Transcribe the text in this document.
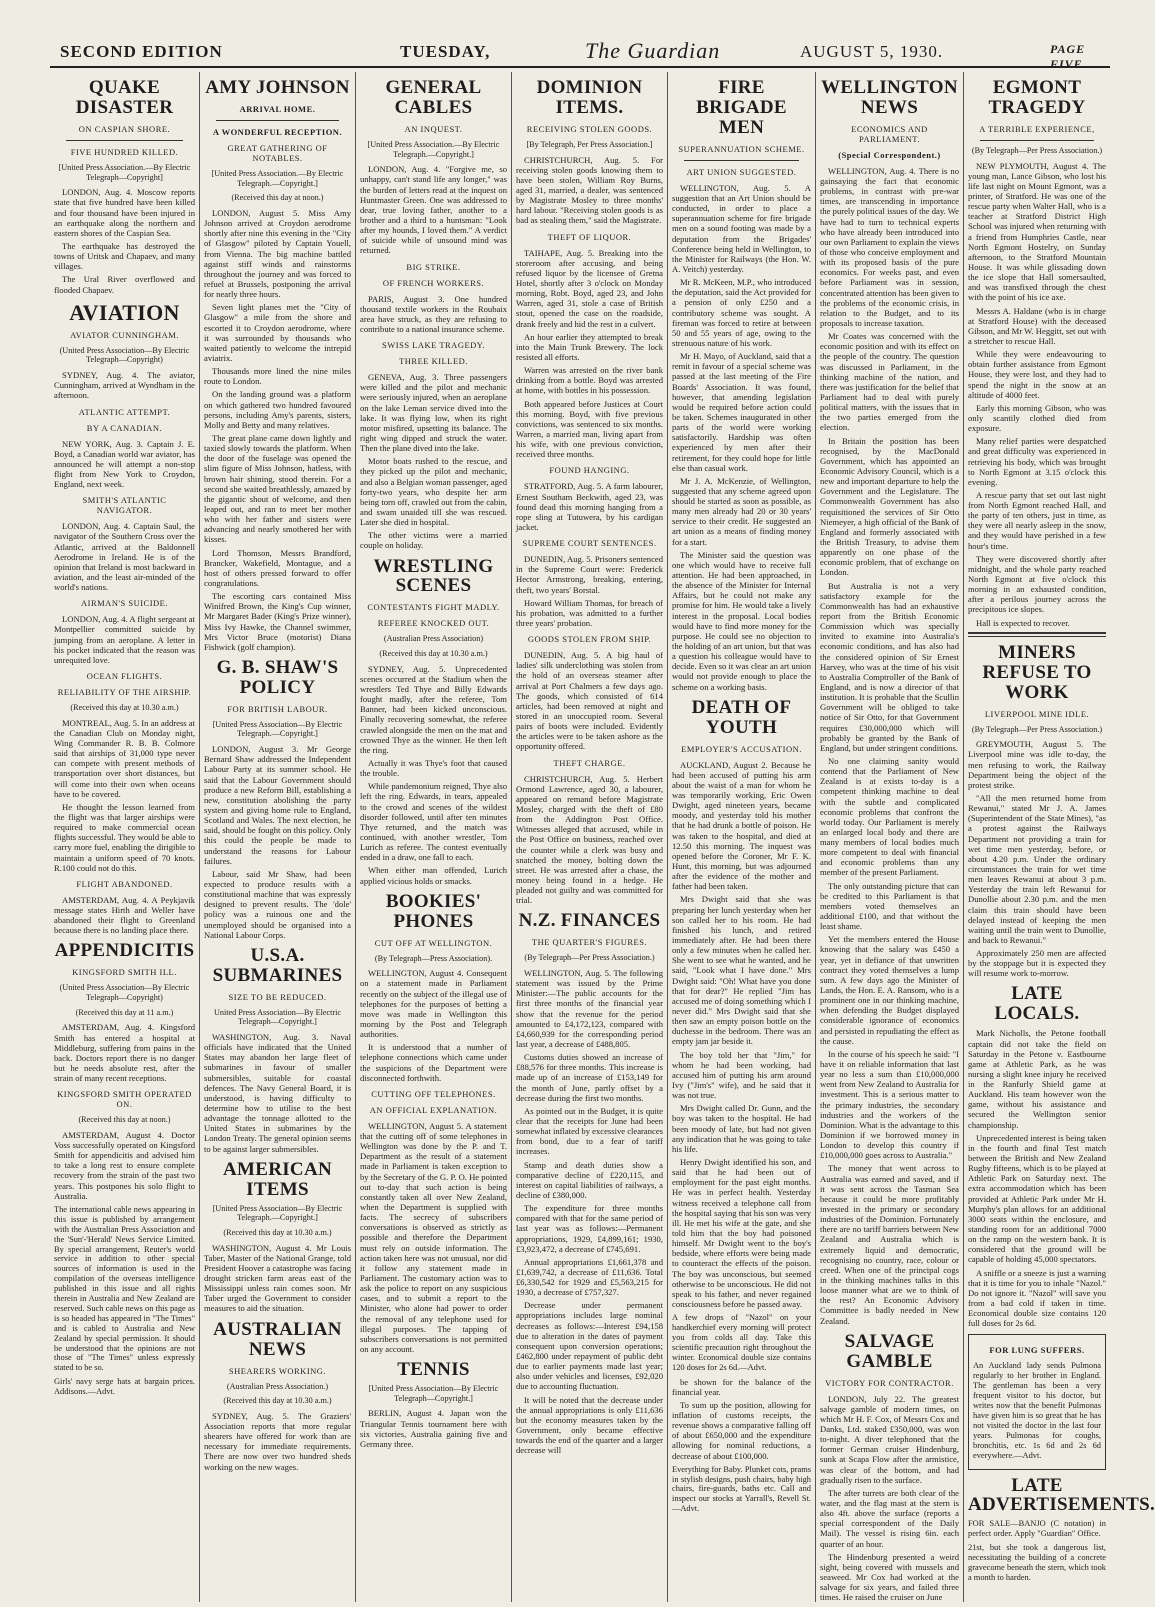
SECOND EDITION	TUESDAY,	The Guardian	AUGUST 5, 1930.	PAGE FIVE.
QUAKE DISASTER
ON CASPIAN SHORE.
FIVE HUNDRED KILLED.
[United Press Association.—By Electric Telegraph—Copyright]
LONDON, Aug. 4. Moscow reports state that five hundred have been killed and four thousand have been injured in an earthquake along the northern and eastern shores of the Caspian Sea.
The earthquake has destroyed the towns of Uritsk and Chapaev, and many villages.
The Ural River overflowed and flooded Chapaev.
AVIATION
AVIATOR CUNNINGHAM.
(United Press Association—By Electric Telegraph—Copyright)
SYDNEY, Aug. 4. The aviator, Cunningham, arrived at Wyndham in the afternoon.
ATLANTIC ATTEMPT.
BY A CANADIAN.
NEW YORK, Aug. 3. Captain J. E. Boyd, a Canadian world war aviator, has announced he will attempt a non-stop flight from New York to Croydon, England, next week.
SMITH'S ATLANTIC NAVIGATOR.
LONDON, Aug. 4. Captain Saul, the navigator of the Southern Cross over the Atlantic, arrived at the Baldonnell Aerodrome in Ireland. He is of the opinion that Ireland is most backward in aviation, and the least air-minded of the world's nations.
AIRMAN'S SUICIDE.
LONDON, Aug. 4. A flight sergeant at Montpellier committed suicide by jumping from an aeroplane. A letter in his pocket indicated that the reason was unrequited love.
OCEAN FLIGHTS.
RELIABILITY OF THE AIRSHIP.
(Received this day at 10.30 a.m.)
MONTREAL, Aug. 5. In an address at the Canadian Club on Monday night, Wing Commander R. B. B. Colmore said that airships of 31,000 type never can compete with present methods of transportation over short distances, but will come into their own when oceans have to be covered.
He thought the lesson learned from the flight was that larger airships were required to make commercial ocean flights successful. They would be able to carry more fuel, enabling the dirigible to maintain a uniform speed of 70 knots. R.100 could not do this.
FLIGHT ABANDONED.
AMSTERDAM, Aug. 4. A Peykjavik message states Hirth and Weller have abandoned their flight to Greenland because there is no landing place there.
APPENDICITIS
KINGSFORD SMITH ILL.
(United Press Association—By Electric Telegraph—Copyright)
(Received this day at 11 a.m.)
AMSTERDAM, Aug. 4. Kingsford Smith has entered a hospital at Middleburg, suffering from pains in the back. Doctors report there is no danger but he needs absolute rest, after the strain of many recent receptions.
KINGSFORD SMITH OPERATED ON.
(Received this day at noon.)
AMSTERDAM, August 4. Doctor Voss successfully operated on Kingsford Smith for appendicitis and advised him to take a long rest to ensure complete recovery from the strain of the past two years. This postpones his solo flight to Australia.
The international cable news appearing in this issue is published by arrangement with the Australian Press Association and the 'Sun'-'Herald' News Service Limited. By special arrangement, Reuter's world service in addition to other special sources of information is used in the compilation of the overseas intelligence published in this issue and all rights therein in Australia and New Zealand are reserved. Such cable news on this page as is so headed has appeared in "The Times" and is cabled to Australia and New Zealand by special permission. It should be understood that the opinions are not those of "The Times" unless expressly stated to be so.
Girls' navy serge hats at bargain prices. Addisons.—Advt.
AMY JOHNSON
ARRIVAL HOME.
A WONDERFUL RECEPTION.
GREAT GATHERING OF NOTABLES.
[United Press Association.—By Electric Telegraph.—Copyright.]
(Received this day at noon.)
LONDON, August 5. Miss Amy Johnson arrived at Croydon aerodrome shortly after nine this evening in the "City of Glasgow" piloted by Captain Youell, from Vienna. The big machine battled against stiff winds and rainstorms throughout the journey and was forced to refuel at Brussels, postponing the arrival for nearly three hours.
Seven light planes met the "City of Glasgow" a mile from the shore and escorted it to Croydon aerodrome, where it was surrounded by thousands who waited patiently to welcome the intrepid aviatrix.
Thousands more lined the nine miles route to London.
On the landing ground was a platform on which gathered two hundred favoured persons, including Amy's parents, sisters, Molly and Betty and many relatives.
The great plane came down lightly and taxied slowly towards the platform. When the door of the fuselage was opened the slim figure of Miss Johnson, hatless, with brown hair shining, stood therein. For a second she waited breathlessly, amazed by the gigantic shout of welcome, and then leaped out, and ran to meet her mother who with her father and sisters were advancing and nearly smothered her with kisses.
Lord Thomson, Messrs Brandford, Brancker, Wakefield, Montague, and a host of others pressed forward to offer congratulations.
The escorting cars contained Miss Winifred Brown, the King's Cup winner, Mr Margaret Bader (King's Prize winner), Miss Ivy Hawke, the Channel swimmer, Mrs Victor Bruce (motorist) Diana Fishwick (golf champion).
G. B. SHAW'S POLICY
FOR BRITISH LABOUR.
[United Press Association—By Electric Telegraph.—Copyright.]
LONDON, August 3. Mr George Bernard Shaw addressed the Independent Labour Party at its summer school. He said that the Labour Government should produce a new Reform Bill, establishing a new, constitution abolishing the party system and giving home rule to England, Scotland and Wales. The next election, he said, should be fought on this policy. Only this could the people be made to understand the reasons for Labour failures.
Labour, said Mr Shaw, had been expected to produce results with a constitutional machine that was expressly designed to prevent results. The 'dole' policy was a ruinous one and the unemployed should be organised into a National Labour Corps.
U.S.A. SUBMARINES
SIZE TO BE REDUCED.
United Press Association—By Electric Telegraph—Copyright.]
WASHINGTON, Aug. 3. Naval officials have indicated that the United States may abandon her large fleet of submarines in favour of smaller submersibles, suitable for coastal defences. The Navy General Board, it is understood, is having difficulty to determine how to utilise to the best advantage the tonnage allotted to the United States in submarines by the London Treaty. The general opinion seems to be against larger submersibles.
AMERICAN ITEMS
[United Press Association—By Electric Telegraph.—Copyright.]
(Received this day at 10.30 a.m.)
WASHINGTON, August 4. Mr Louis Taber, Master of the National Grange, told President Hoover a catastrophe was facing drought stricken farm areas east of the Mississippi unless rain comes soon. Mr Taber urged the Government to consider measures to aid the situation.
AUSTRALIAN NEWS
SHEARERS WORKING.
(Australian Press Association.)
(Received this day at 10.30 a.m.)
SYDNEY, Aug. 5. The Graziers' Association reports that more regular shearers have offered for work than are necessary for immediate requirements. There are now over two hundred sheds working on the new wages.
GENERAL CABLES
AN INQUEST.
[United Press Association.—By Electric Telegraph.—Copyright.]
LONDON, Aug. 4. "Forgive me, so unhappy, can't stand life any longer," was the burden of letters read at the inquest on Huntmaster Green. One was addressed to dear, true loving father, another to a brother and a third to a huntsman: "Look after my hounds, I loved them." A verdict of suicide while of unsound mind was returned.
BIG STRIKE.
OF FRENCH WORKERS.
PARIS, August 3. One hundred thousand textile workers in the Roubaix area have struck, as they are refusing to contribute to a national insurance scheme.
SWISS LAKE TRAGEDY.
THREE KILLED.
GENEVA, Aug. 3. Three passengers were killed and the pilot and mechanic were seriously injured, when an aeroplane on the lake Leman service dived into the lake. It was flying low, when its right motor misfired, upsetting its balance. The right wing dipped and struck the water. Then the plane dived into the lake.
Motor boats rushed to the rescue, and they picked up the pilot and mechanic, and also a Belgian woman passenger, aged forty-two years, who despite her arm being torn off, crawled out from the cabin, and swam unaided till she was rescued. Later she died in hospital.
The other victims were a married couple on holiday.
WRESTLING SCENES
CONTESTANTS FIGHT MADLY.
REFEREE KNOCKED OUT.
(Australian Press Association)
(Received this day at 10.30 a.m.)
SYDNEY, Aug. 5. Unprecedented scenes occurred at the Stadium when the wrestlers Ted Thye and Billy Edwards fought madly, after the referee, Tom Banner, had been kicked unconscious. Finally recovering somewhat, the referee crawled alongside the men on the mat and crowned Thye as the winner. He then left the ring.
Actually it was Thye's foot that caused the trouble.
While pandemonium reigned, Thye also left the ring. Edwards, in tears, appealed to the crowd and scenes of the wildest disorder followed, until after ten minutes Thye returned, and the match was continued, with another wrestler, Tom Lurich as referee. The contest eventually ended in a draw, one fall to each.
When either man offended, Lurich applied vicious holds or smacks.
BOOKIES' PHONES
CUT OFF AT WELLINGTON.
(By Telegraph—Press Association).
WELLINGTON, August 4. Consequent on a statement made in Parliament recently on the subject of the illegal use of telephones for the purposes of betting a move was made in Wellington this morning by the Post and Telegraph authorities.
It is understood that a number of telephone connections which came under the suspicions of the Department were disconnected forthwith.
CUTTING OFF TELEPHONES.
AN OFFICIAL EXPLANATION.
WELLINGTON, August 5. A statement that the cutting off of some telephones in Wellington was done by the P. and T. Department as the result of a statement made in Parliament is taken exception to by the Secretary of the G. P. O. He pointed out to-day that such action is being constantly taken all over New Zealand, when the Department is supplied with facts. The secrecy of subscribers conversations is observed as strictly as possible and therefore the Department must rely on outside information. The action taken here was not unusual, nor did it follow any statement made in Parliament. The customary action was to ask the police to report on any suspicious cases, and to submit a report to the Minister, who alone had power to order the removal of any telephone used for illegal purposes. The tapping of subscribers conversations is not permitted on any account.
TENNIS
[United Press Association—By Electric Telegraph—Copyright.]
BERLIN, August 4. Japan won the Triangular Tennis tournament here with six victories, Australia gaining five and Germany three.
DOMINION ITEMS.
RECEIVING STOLEN GOODS.
[By Telegraph, Per Press Association.]
CHRISTCHURCH, Aug. 5. For receiving stolen goods knowing them to have been stolen, William Roy Burns, aged 31, married, a dealer, was sentenced by Magistrate Mosley to three months' hard labour. "Receiving stolen goods is as bad as stealing them," said the Magistrate.
THEFT OF LIQUOR.
TAIHAPE, Aug. 5. Breaking into the storeroom after accusing, and being refused liquor by the licensee of Gretna Hotel, shortly after 3 o'clock on Monday morning, Robt. Boyd, aged 23, and John Warren, aged 31, stole a case of British stout, opened the case on the roadside, drank freely and hid the rest in a culvert.
An hour earlier they attempted to break into the Main Trunk Brewery. The lock resisted all efforts.
Warren was arrested on the river bank drinking from a bottle. Boyd was arrested at home, with bottles in his possession.
Both appeared before Justices at Court this morning. Boyd, with five previous convictions, was sentenced to six months. Warren, a married man, living apart from his wife, with one previous conviction, received three months.
FOUND HANGING.
STRATFORD, Aug. 5. A farm labourer, Ernest Southam Beckwith, aged 23, was found dead this morning hanging from a rope sling at Tutuwera, by his cardigan jacket.
SUPREME COURT SENTENCES.
DUNEDIN, Aug. 5. Prisoners sentenced in the Supreme Court were: Frederick Hector Armstrong, breaking, entering, theft, two years' Borstal.
Howard William Thomas, for breach of his probation, was admitted to a further three years' probation.
GOODS STOLEN FROM SHIP.
DUNEDIN, Aug. 5. A big haul of ladies' silk underclothing was stolen from the hold of an overseas steamer after arrival at Port Chalmers a few days ago. The goods, which consisted of 614 articles, had been removed at night and stored in an unoccupied room. Several pairs of boots were included. Evidently the articles were to be taken ashore as the opportunity offered.
THEFT CHARGE.
CHRISTCHURCH, Aug. 5. Herbert Ormond Lawrence, aged 30, a labourer, appeared on remand before Magistrate Mosley, charged with the theft of £80 from the Addington Post Office. Witnesses alleged that accused, while in the Post Office on business, reached over the counter while a clerk was busy and snatched the money, bolting down the street. He was arrested after a chase, the money being found in a hedge. He pleaded not guilty and was committed for trial.
N.Z. FINANCES
THE QUARTER'S FIGURES.
(By Telegraph—Per Press Association.)
WELLINGTON, Aug. 5. The following statement was issued by the Prime Minister:—The public accounts for the first three months of the financial year show that the revenue for the period amounted to £4,172,123, compared with £4,660,939 for the corresponding period last year, a decrease of £488,805.
Customs duties showed an increase of £88,576 for three months. This increase is made up of an increase of £153,149 for the month of June, partly offset by a decrease during the first two months.
As pointed out in the Budget, it is quite clear that the receipts for June had been somewhat inflated by excessive clearances from bond, due to a fear of tariff increases.
Stamp and death duties show a comparative decline of £220,115, and interest on capital liabilities of railways, a decline of £380,000.
The expenditure for three months compared with that for the same period of last year was as follows:—Permanent appropriations, 1929, £4,899,161; 1930, £3,923,472, a decrease of £745,691.
Annual appropriations £1,661,378 and £1,639,742, a decrease of £11,636. Total £6,330,542 for 1929 and £5,563,215 for 1930, a decrease of £757,327.
Decrease under permanent appropriations includes large nominal decreases as follows:—Interest £94,158 due to alteration in the dates of payment consequent upon conversion operations; £462,800 under repayment of public debt due to earlier payments made last year; also under vehicles and licenses, £92,020 due to accounting fluctuation.
It will be noted that the decrease under the annual appropriations is only £11,636 but the economy measures taken by the Government, only became effective towards the end of the quarter and a larger decrease will
FIRE BRIGADE MEN
SUPERANNUATION SCHEME.
ART UNION SUGGESTED.
WELLINGTON, Aug. 5. A suggestion that an Art Union should be conducted, in order to place a superannuation scheme for fire brigade men on a sound footing was made by a deputation from the Brigades' Conference being held in Wellington, to the Minister for Railways (the Hon. W. A. Veitch) yesterday.
Mr R. McKeen, M.P., who introduced the deputation, said the Act provided for a pension of only £250 and a contributory scheme was sought. A fireman was forced to retire at between 50 and 55 years of age, owing to the strenuous nature of his work.
Mr H. Mayo, of Auckland, said that a remit in favour of a special scheme was passed at the last meeting of the Fire Boards' Association. It was found, however, that amending legislation would be required before action could be taken. Schemes inaugurated in other parts of the world were working satisfactorily. Hardship was often experienced by men after their retirement, for they could hope for little else than casual work.
Mr J. A. McKenzie, of Wellington, suggested that any scheme agreed upon should be started as soon as possible, as many men already had 20 or 30 years' service to their credit. He suggested an art union as a means of finding money for a start.
The Minister said the question was one which would have to receive full attention. He had been approached, in the absence of the Minister for Internal Affairs, but he could not make any promise for him. He would take a lively interest in the proposal. Local bodies would have to find more money for the purpose. He could see no objection to the holding of an art union, but that was a question his colleague would have to decide. Even so it was clear an art union would not provide enough to place the scheme on a working basis.
DEATH OF YOUTH
EMPLOYER'S ACCUSATION.
AUCKLAND, August 2. Because he had been accused of putting his arm about the waist of a man for whom he was temporarily working, Eric Owen Dwight, aged nineteen years, became moody, and yesterday told his mother that he had drunk a bottle of poison. He was taken to the hospital, and died at 12.50 this morning. The inquest was opened before the Coroner, Mr F. K. Hunt, this morning, but was adjourned after the evidence of the mother and father had been taken.
Mrs Dwight said that she was preparing her lunch yesterday when her son called her to his room. He had finished his lunch, and retired immediately after. He had been there only a few minutes when he called her. She went to see what he wanted, and he said, "Look what I have done." Mrs Dwight said: "Oh! What have you done that for dear?" He replied "Jim has accused me of doing something which I never did." Mrs Dwight said that she then saw an empty poison bottle on the duchesse in the bedroom. There was an empty jam jar beside it.
The boy told her that "Jim," for whom he had been working, had accused him of putting his arm around Ivy ("Jim's" wife), and he said that it was not true.
Mrs Dwight called Dr. Gunn, and the boy was taken to the hospital. He had been moody of late, but had not given any indication that he was going to take his life.
Henry Dwight identified his son, and said that he had been out of employment for the past eight months. He was in perfect health. Yesterday witness received a telephone call from the hospital saying that his son was very ill. He met his wife at the gate, and she told him that the boy had poisoned himself. Mr Dwight went to the boy's bedside, where efforts were being made to counteract the effects of the poison. The boy was unconscious, but seemed otherwise to be unconscious. He did not speak to his father, and never regained consciousness before he passed away.
A few drops of "Nazol" on your handkerchief every morning will protect you from colds all day. Take this scientific precaution right throughout the winter. Economical double size contains 120 doses for 2s 6d.—Advt.
be shown for the balance of the financial year.
To sum up the position, allowing for inflation of customs receipts, the revenue shows a comparative falling off of about £650,000 and the expenditure allowing for nominal reductions, a decrease of about £100,000.
Everything for Baby. Plunket cots, prams in stylish designs, push chairs, baby high chairs, fire-guards, baths etc. Call and inspect our stocks at Yarrall's, Revell St.—Advt.
WELLINGTON NEWS
ECONOMICS AND PARLIAMENT.
(Special Correspondent.)
WELLINGTON, Aug. 4. There is no gainsaying the fact that economic problems, in contrast with pre-war times, are transcending in importance the purely political issues of the day. We have had to turn to technical experts who have already been introduced into our own Parliament to explain the views of those who conceive employment and with its proposed basis of the pure economics. For weeks past, and even before Parliament was in session, concentrated attention has been given to the problems of the economic crisis, in relation to the Budget, and to its proposals to increase taxation.
Mr Coates was concerned with the economic position and with its effect on the people of the country. The question was discussed in Parliament, in the thinking machine of the nation, and there was justification for the belief that Parliament had to deal with purely political matters, with the issues that in the two parties emerged from the election.
In Britain the position has been recognised, by the MacDonald Government, which has appointed an Economic Advisory Council, which is a new and important departure to help the Government and the Legislature. The Commonwealth Government has also requisitioned the services of Sir Otto Niemeyer, a high official of the Bank of England and formerly associated with the British Treasury, to advise them apparently on one phase of the economic problem, that of exchange on London.
But Australia is not a very satisfactory example for the Commonwealth has had an exhaustive report from the British Economic Commission which was specially invited to examine into Australia's economic conditions, and has also had the considered opinion of Sir Ernest Harvey, who was at the time of his visit to Australia Comptroller of the Bank of England, and is now a director of that institution. It is probable that the Scullin Government will be obliged to take notice of Sir Otto, for that Government requires £30,000,000 which will probably be granted by the Bank of England, but under stringent conditions.
No one claiming sanity would contend that the Parliament of New Zealand is at exists to-day is a competent thinking machine to deal with the subtle and complicated economic problems that confront the world today. Our Parliament is merely an enlarged local body and there are many members of local bodies much more competent to deal with financial and economic problems than any member of the present Parliament.
The only outstanding picture that can be credited to this Parliament is that members voted themselves an additional £100, and that without the least shame.
Yet the members entered the House knowing that the salary was £450 a year, yet in defiance of that unwritten contract they voted themselves a lump sum. A few days ago the Minister of Lands, the Hon. E. A. Ransom, who is a prominent one in our thinking machine, when defending the Budget displayed considerable ignorance of economics and persisted in repudiating the effect as the cause.
In the course of his speech he said: "I have it on reliable information that last year no less a sum than £10,000,000 went from New Zealand to Australia for investment. This is a serious matter to the primary industries, the secondary industries and the workers of the Dominion. What is the advantage to this Dominion if we borrowed money in London to develop this country if £10,000,000 goes across to Australia."
The money that went across to Australia was earned and saved, and if it was sent across the Tasman Sea because it could be more profitably invested in the primary or secondary industries of the Dominion. Fortunately there are no tariff barriers between New Zealand and Australia which is extremely liquid and democratic, recognising no country, race, colour or creed. When one of the principal cogs in the thinking machines talks in this loose manner what are we to think of the rest? An Economic Advisory Committee is badly needed in New Zealand.
SALVAGE GAMBLE
VICTORY FOR CONTRACTOR.
LONDON, July 22. The greatest salvage gamble of modern times, on which Mr H. F. Cox, of Messrs Cox and Danks, Ltd. staked £350,000, was won to-night. A diver telephoned that the former German cruiser Hindenburg, sunk at Scapa Flow after the armistice, was clear of the bottom, and had gradually risen to the surface.
The after turrets are both clear of the water, and the flag mast at the stern is also 4ft. above the surface (reports a special correspondent of the Daily Mail). The vessel is rising 6in. each quarter of an hour.
The Hindenburg presented a weird sight, being covered with mussels and seaweed. Mr Cox had worked at the salvage for six years, and failed three times. He raised the cruiser on June
EGMONT TRAGEDY
A TERRIBLE EXPERIENCE,
(By Telegraph—Per Press Association.)
NEW PLYMOUTH, August 4. The young man, Lance Gibson, who lost his life last night on Mount Egmont, was a printer, of Stratford. He was one of the rescue party when Walter Hall, who is a teacher at Stratford District High School was injured when returning with a friend from Humphries Castle, near North Egmont Hostelry, on Sunday afternoon, to the Stratford Mountain House. It was while glissading down the ice slope that Hall somersaulted, and was transfixed through the chest with the point of his ice axe.
Messrs A. Haldane (who is in charge at Stratford House) with the deceased Gibson, and Mr W. Heggitt, set out with a stretcher to rescue Hall.
While they were endeavouring to obtain further assistance from Egmont House, they were lost, and they had to spend the night in the snow at an altitude of 4000 feet.
Early this morning Gibson, who was only scantily clothed died from exposure.
Many relief parties were despatched and great difficulty was experienced in retrieving his body, which was brought to North Egmont at 3.15 o'clock this evening.
A rescue party that set out last night from North Egmont reached Hall, and the party of ten others, just in time, as they were all nearly asleep in the snow, and they would have perished in a few hour's time.
They were discovered shortly after midnight, and the whole party reached North Egmont at five o'clock this morning in an exhausted condition, after a perilous journey across the precipitous ice slopes.
Hall is expected to recover.
MINERS REFUSE TO WORK
LIVERPOOL MINE IDLE.
(By Telegraph—Per Press Association.)
GREYMOUTH, August 5. The Liverpool mine was idle to-day, the men refusing to work, the Railway Department being the object of the protest strike.
"All the men returned home from Rewanui," stated Mr J. A. James (Superintendent of the State Mines), "as a protest against the Railways Department not providing a train for wet time men yesterday, before, or about 4.20 p.m. Under the ordinary circumstances the train for wet time men leaves Rewanui at about 3 p.m. Yesterday the train left Rewanui for Dunollie about 2.30 p.m. and the men claim this train should have been delayed instead of keeping the men waiting until the train went to Dunollie, and back to Rewanui."
Approximately 250 men are affected by the stoppage but it is expected they will resume work to-morrow.
LATE LOCALS.
Mark Nicholls, the Petone football captain did not take the field on Saturday in the Petone v. Eastbourne game at Athletic Park, as he was nursing a slight knee injury he received in the Ranfurly Shield game at Auckland. His team however won the game, without his assistance and secured the Wellington senior championship.
Unprecedented interest is being taken in the fourth and final Test match between the British and New Zealand Rugby fifteens, which is to be played at Athletic Park on Saturday next. The extra accommodation which has been provided at Athletic Park under Mr H. Murphy's plan allows for an additional 3000 seats within the enclosure, and standing room for an additional 7000 on the ramp on the western bank. It is considered that the ground will be capable of holding 45,000 spectators.
A sniffle or a sneeze is just a warning that it is time for you to inhale "Nazol." Do not ignore it. "Nazol" will save you from a bad cold if taken in time. Economical double size contains 120 full doses for 2s 6d.
FOR LUNG SUFFERS.
An Auckland lady sends Pulmona regularly to her brother in England. The gentleman has been a very frequent visitor to his doctor, but writes now that the benefit Pulmonas have given him is so great that he has not visited the doctor in the last four years. Pulmonas for coughs, bronchitis, etc. 1s 6d and 2s 6d everywhere.—Advt.
LATE ADVERTISEMENTS.
FOR SALE—BANJO (C notation) in perfect order. Apply "Guardian" Office.
21st, but she took a dangerous list, necessitating the building of a concrete gravecome beneath the stern, which took a month to harden.
